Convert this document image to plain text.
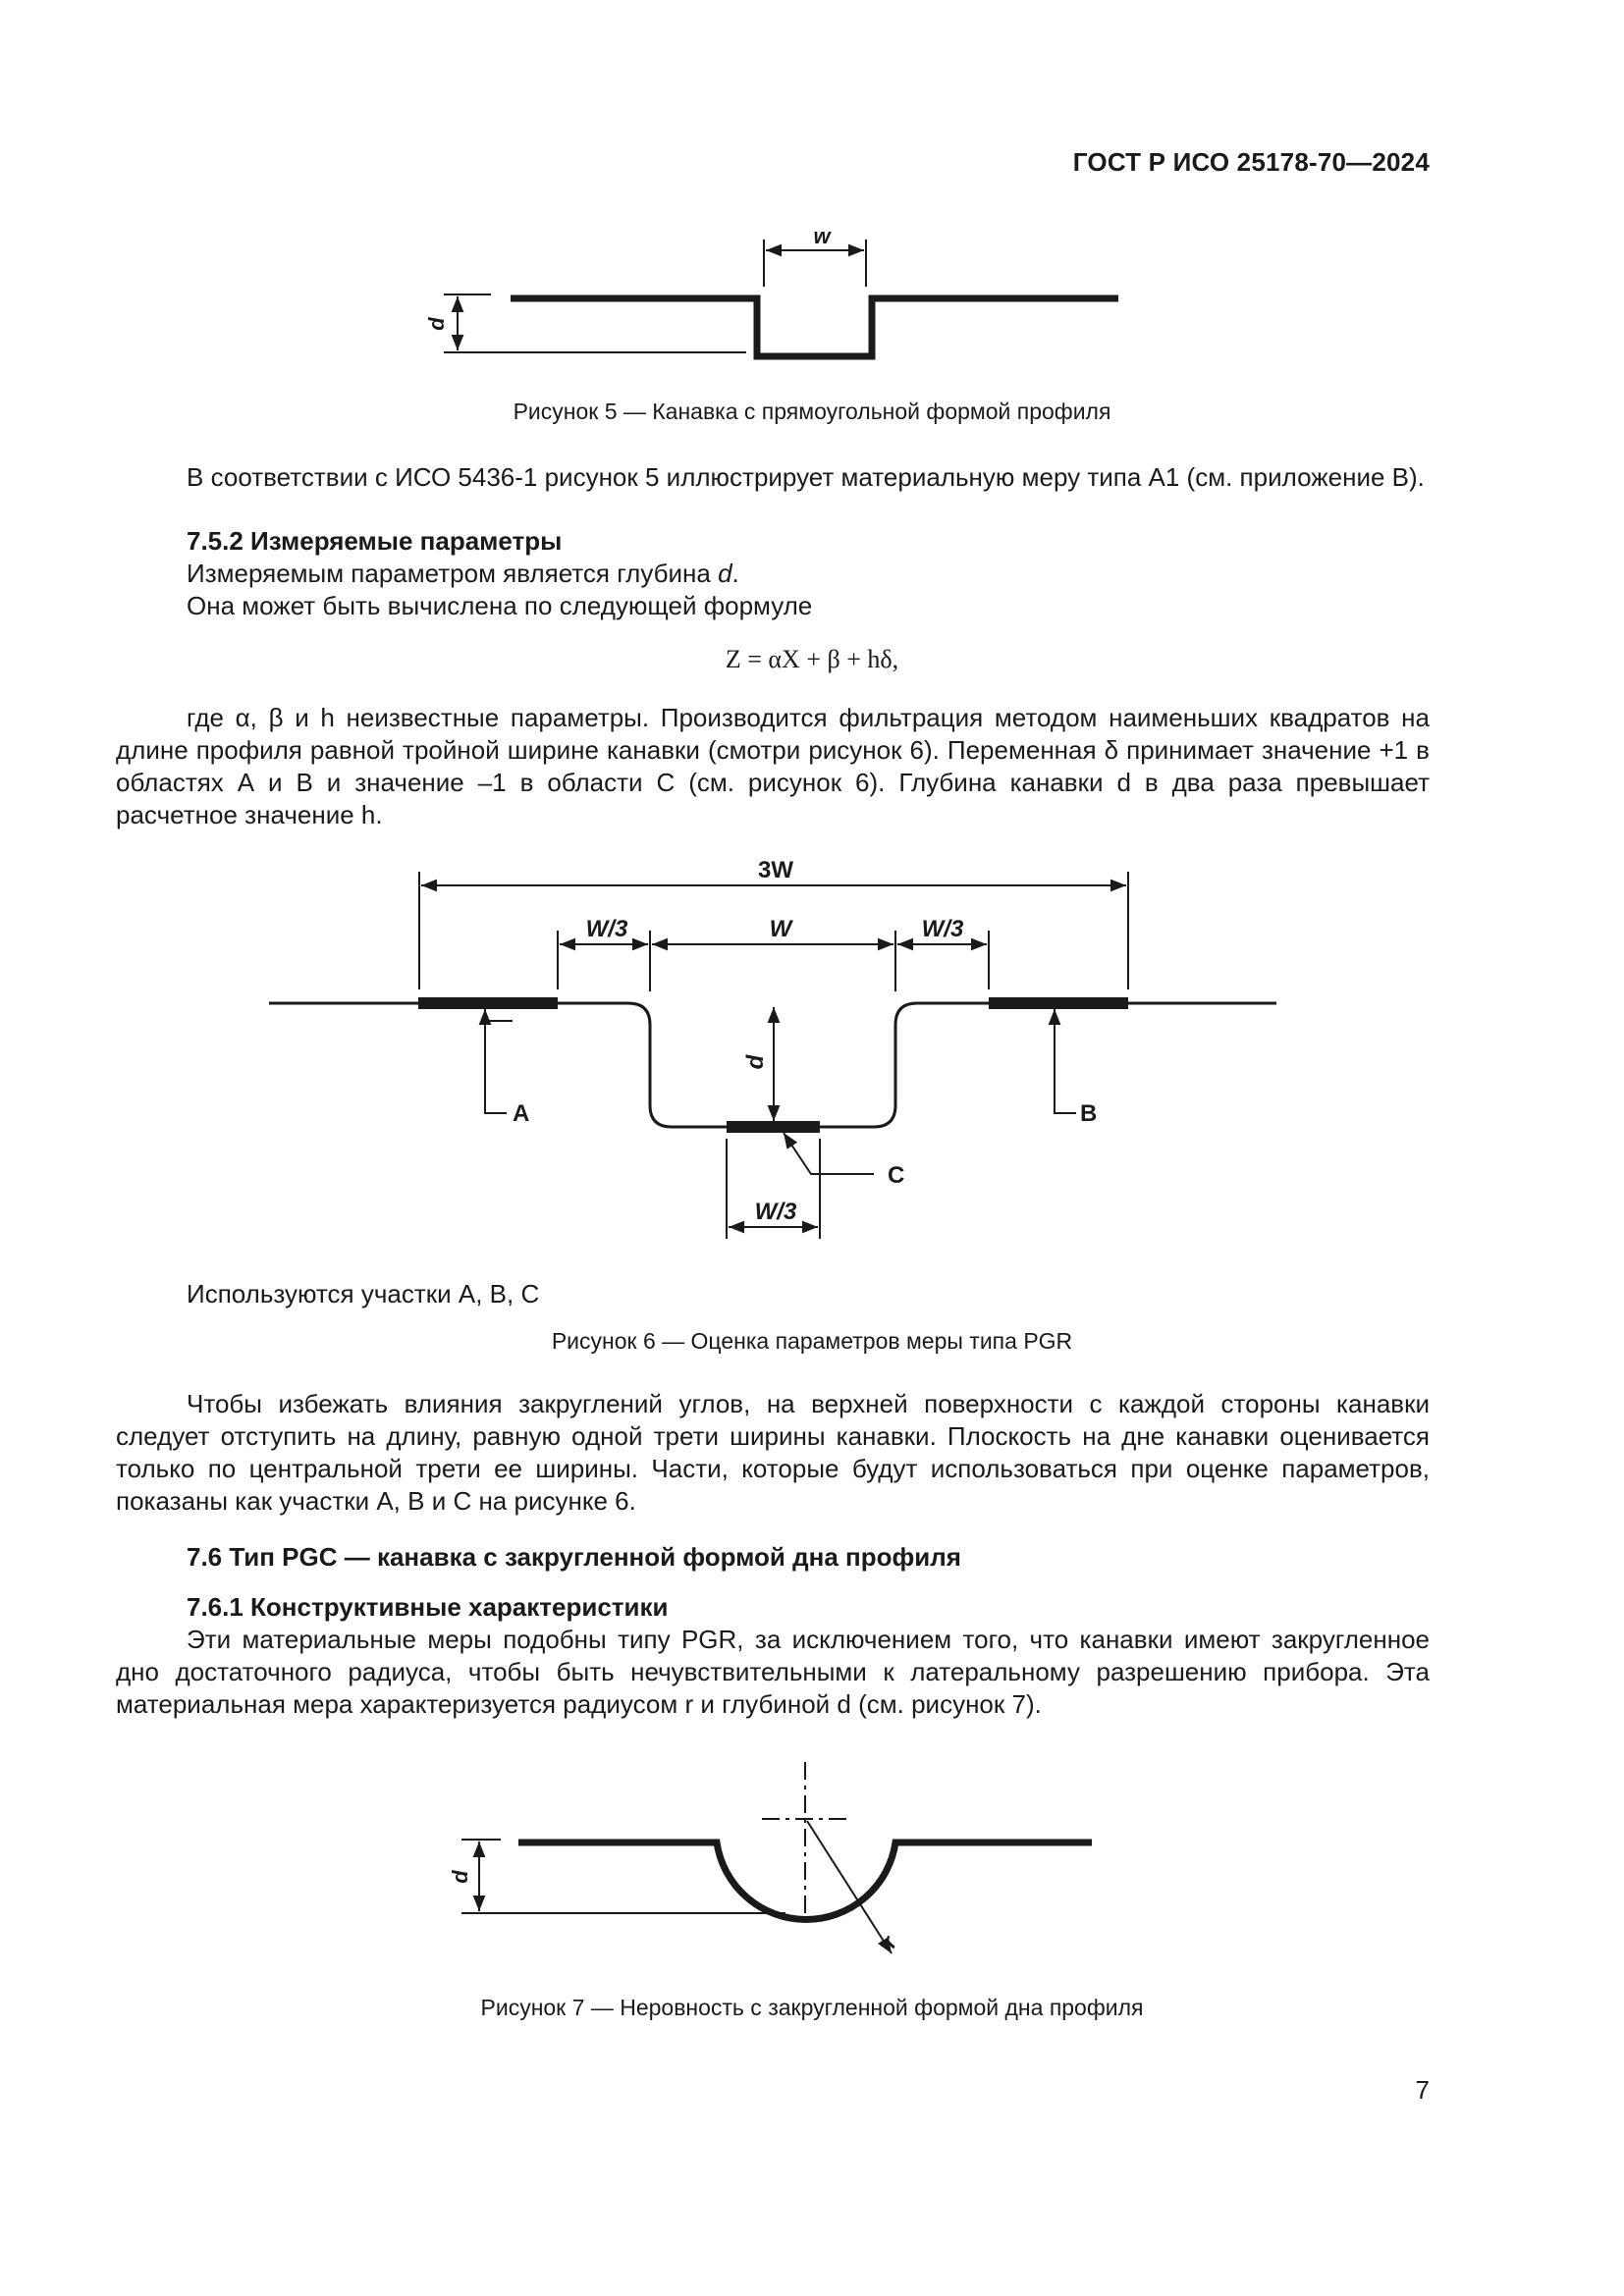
ГОСТ Р ИСО 25178-70—2024
w
d
Рисунок 5 — Канавка с прямоугольной формой профиля
В соответствии с ИСО 5436-1 рисунок 5 иллюстрирует материальную меру типа А1 (см. приложение В).
7.5.2 Измеряемые параметры
Измеряемым параметром является глубина d.
Она может быть вычислена по следующей формуле
Z = αX + β + hδ,
где α, β и h неизвестные параметры. Производится фильтрация методом наименьших квадратов на длине профиля равной тройной ширине канавки (смотри рисунок 6). Переменная δ принимает значение +1 в областях А и В и значение –1 в области С (см. рисунок 6). Глубина канавки d в два раза превышает расчетное значение h.
3W
W/3	W	W/3
d
A	B
C
W/3
Используются участки А, В, С
Рисунок 6 — Оценка параметров меры типа PGR
Чтобы избежать влияния закруглений углов, на верхней поверхности с каждой стороны канавки следует отступить на длину, равную одной трети ширины канавки. Плоскость на дне канавки оценивается только по центральной трети ее ширины. Части, которые будут использоваться при оценке параметров, показаны как участки А, В и С на рисунке 6.
7.6 Тип PGC — канавка с закругленной формой дна профиля
7.6.1 Конструктивные характеристики
Эти материальные меры подобны типу PGR, за исключением того, что канавки имеют закругленное дно достаточного радиуса, чтобы быть нечувствительными к латеральному разрешению прибора. Эта материальная мера характеризуется радиусом r и глубиной d (см. рисунок 7).
r
d
Рисунок 7 — Неровность с закругленной формой дна профиля
7
